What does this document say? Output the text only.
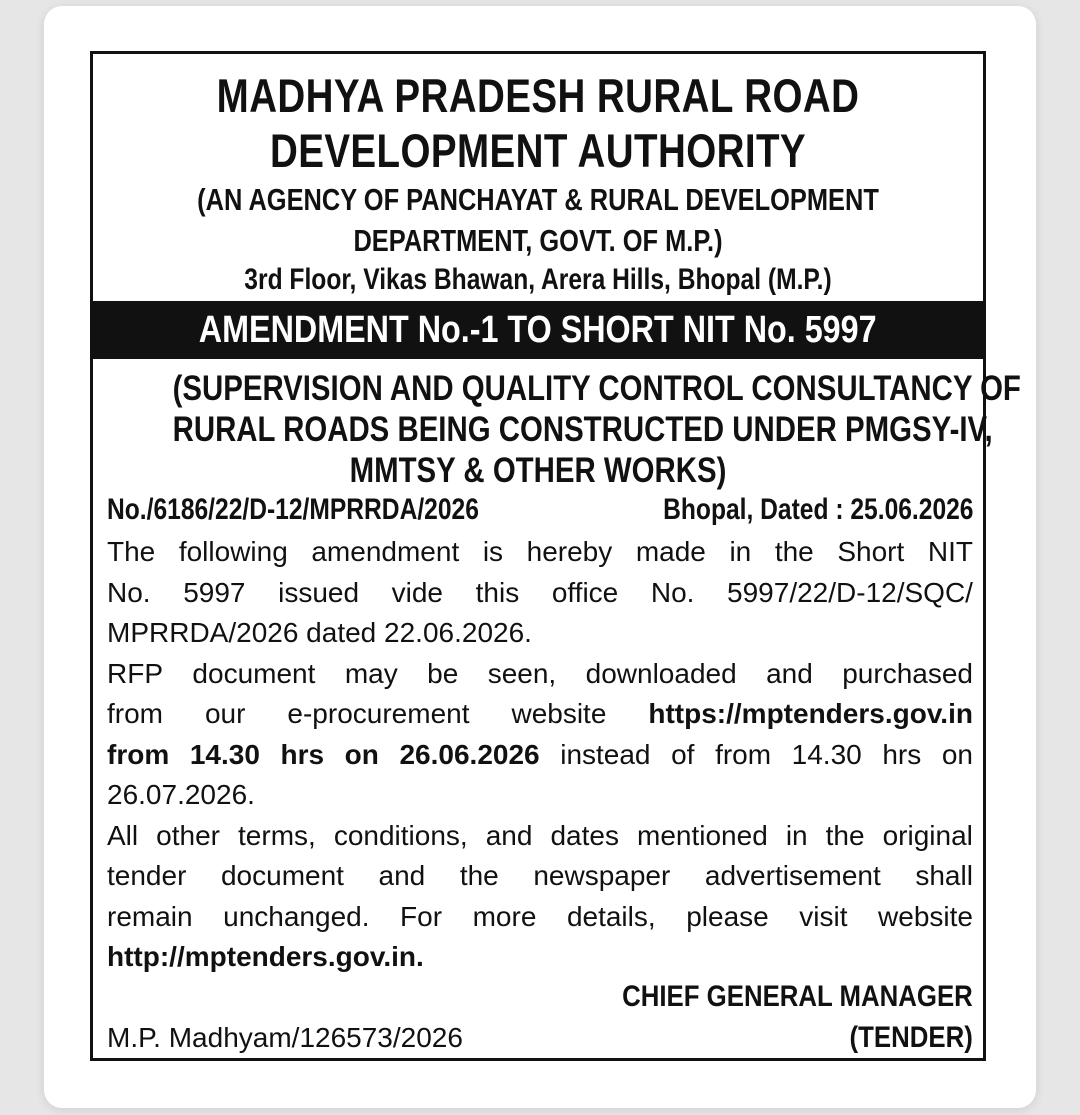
MADHYA PRADESH RURAL ROAD
DEVELOPMENT AUTHORITY
(AN AGENCY OF PANCHAYAT & RURAL DEVELOPMENT
DEPARTMENT, GOVT. OF M.P.)
3rd Floor, Vikas Bhawan, Arera Hills, Bhopal (M.P.)
AMENDMENT No.-1 TO SHORT NIT No. 5997
(SUPERVISION AND QUALITY CONTROL CONSULTANCY OF
RURAL ROADS BEING CONSTRUCTED UNDER PMGSY-IV,
MMTSY & OTHER WORKS)
No./6186/22/D-12/MPRRDA/2026	Bhopal, Dated : 25.06.2026
The following amendment is hereby made in the Short NIT
No. 5997 issued vide this office No. 5997/22/D-12/SQC/
MPRRDA/2026 dated 22.06.2026.
RFP document may be seen, downloaded and purchased
from our e-procurement website https://mptenders.gov.in
from 14.30 hrs on 26.06.2026 instead of from 14.30 hrs on
26.07.2026.
All other terms, conditions, and dates mentioned in the original
tender document and the newspaper advertisement shall
remain unchanged. For more details, please visit website
http://mptenders.gov.in.
CHIEF GENERAL MANAGER
(TENDER)
M.P. Madhyam/126573/2026
